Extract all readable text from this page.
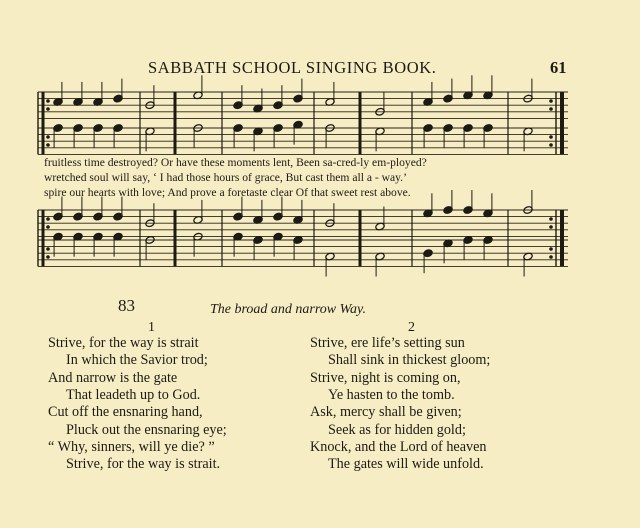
SABBATH SCHOOL SINGING BOOK.	61
fruitless time destroyed? Or have these moments lent, Been sa-cred-ly em-ployed?
wretched soul will say, ‘ I had those hours of grace, But cast them all a - way.’
spire our hearts with love; And prove a foretaste clear Of that sweet rest above.
83	The broad and narrow Way.
1	2
Strive, for the way is strait
In which the Savior trod;
And narrow is the gate
That leadeth up to God.
Cut off the ensnaring hand,
Pluck out the ensnaring eye;
“ Why, sinners, will ye die? ”
Strive, for the way is strait.
Strive, ere life’s setting sun
Shall sink in thickest gloom;
Strive, night is coming on,
Ye hasten to the tomb.
Ask, mercy shall be given;
Seek as for hidden gold;
Knock, and the Lord of heaven
The gates will wide unfold.
